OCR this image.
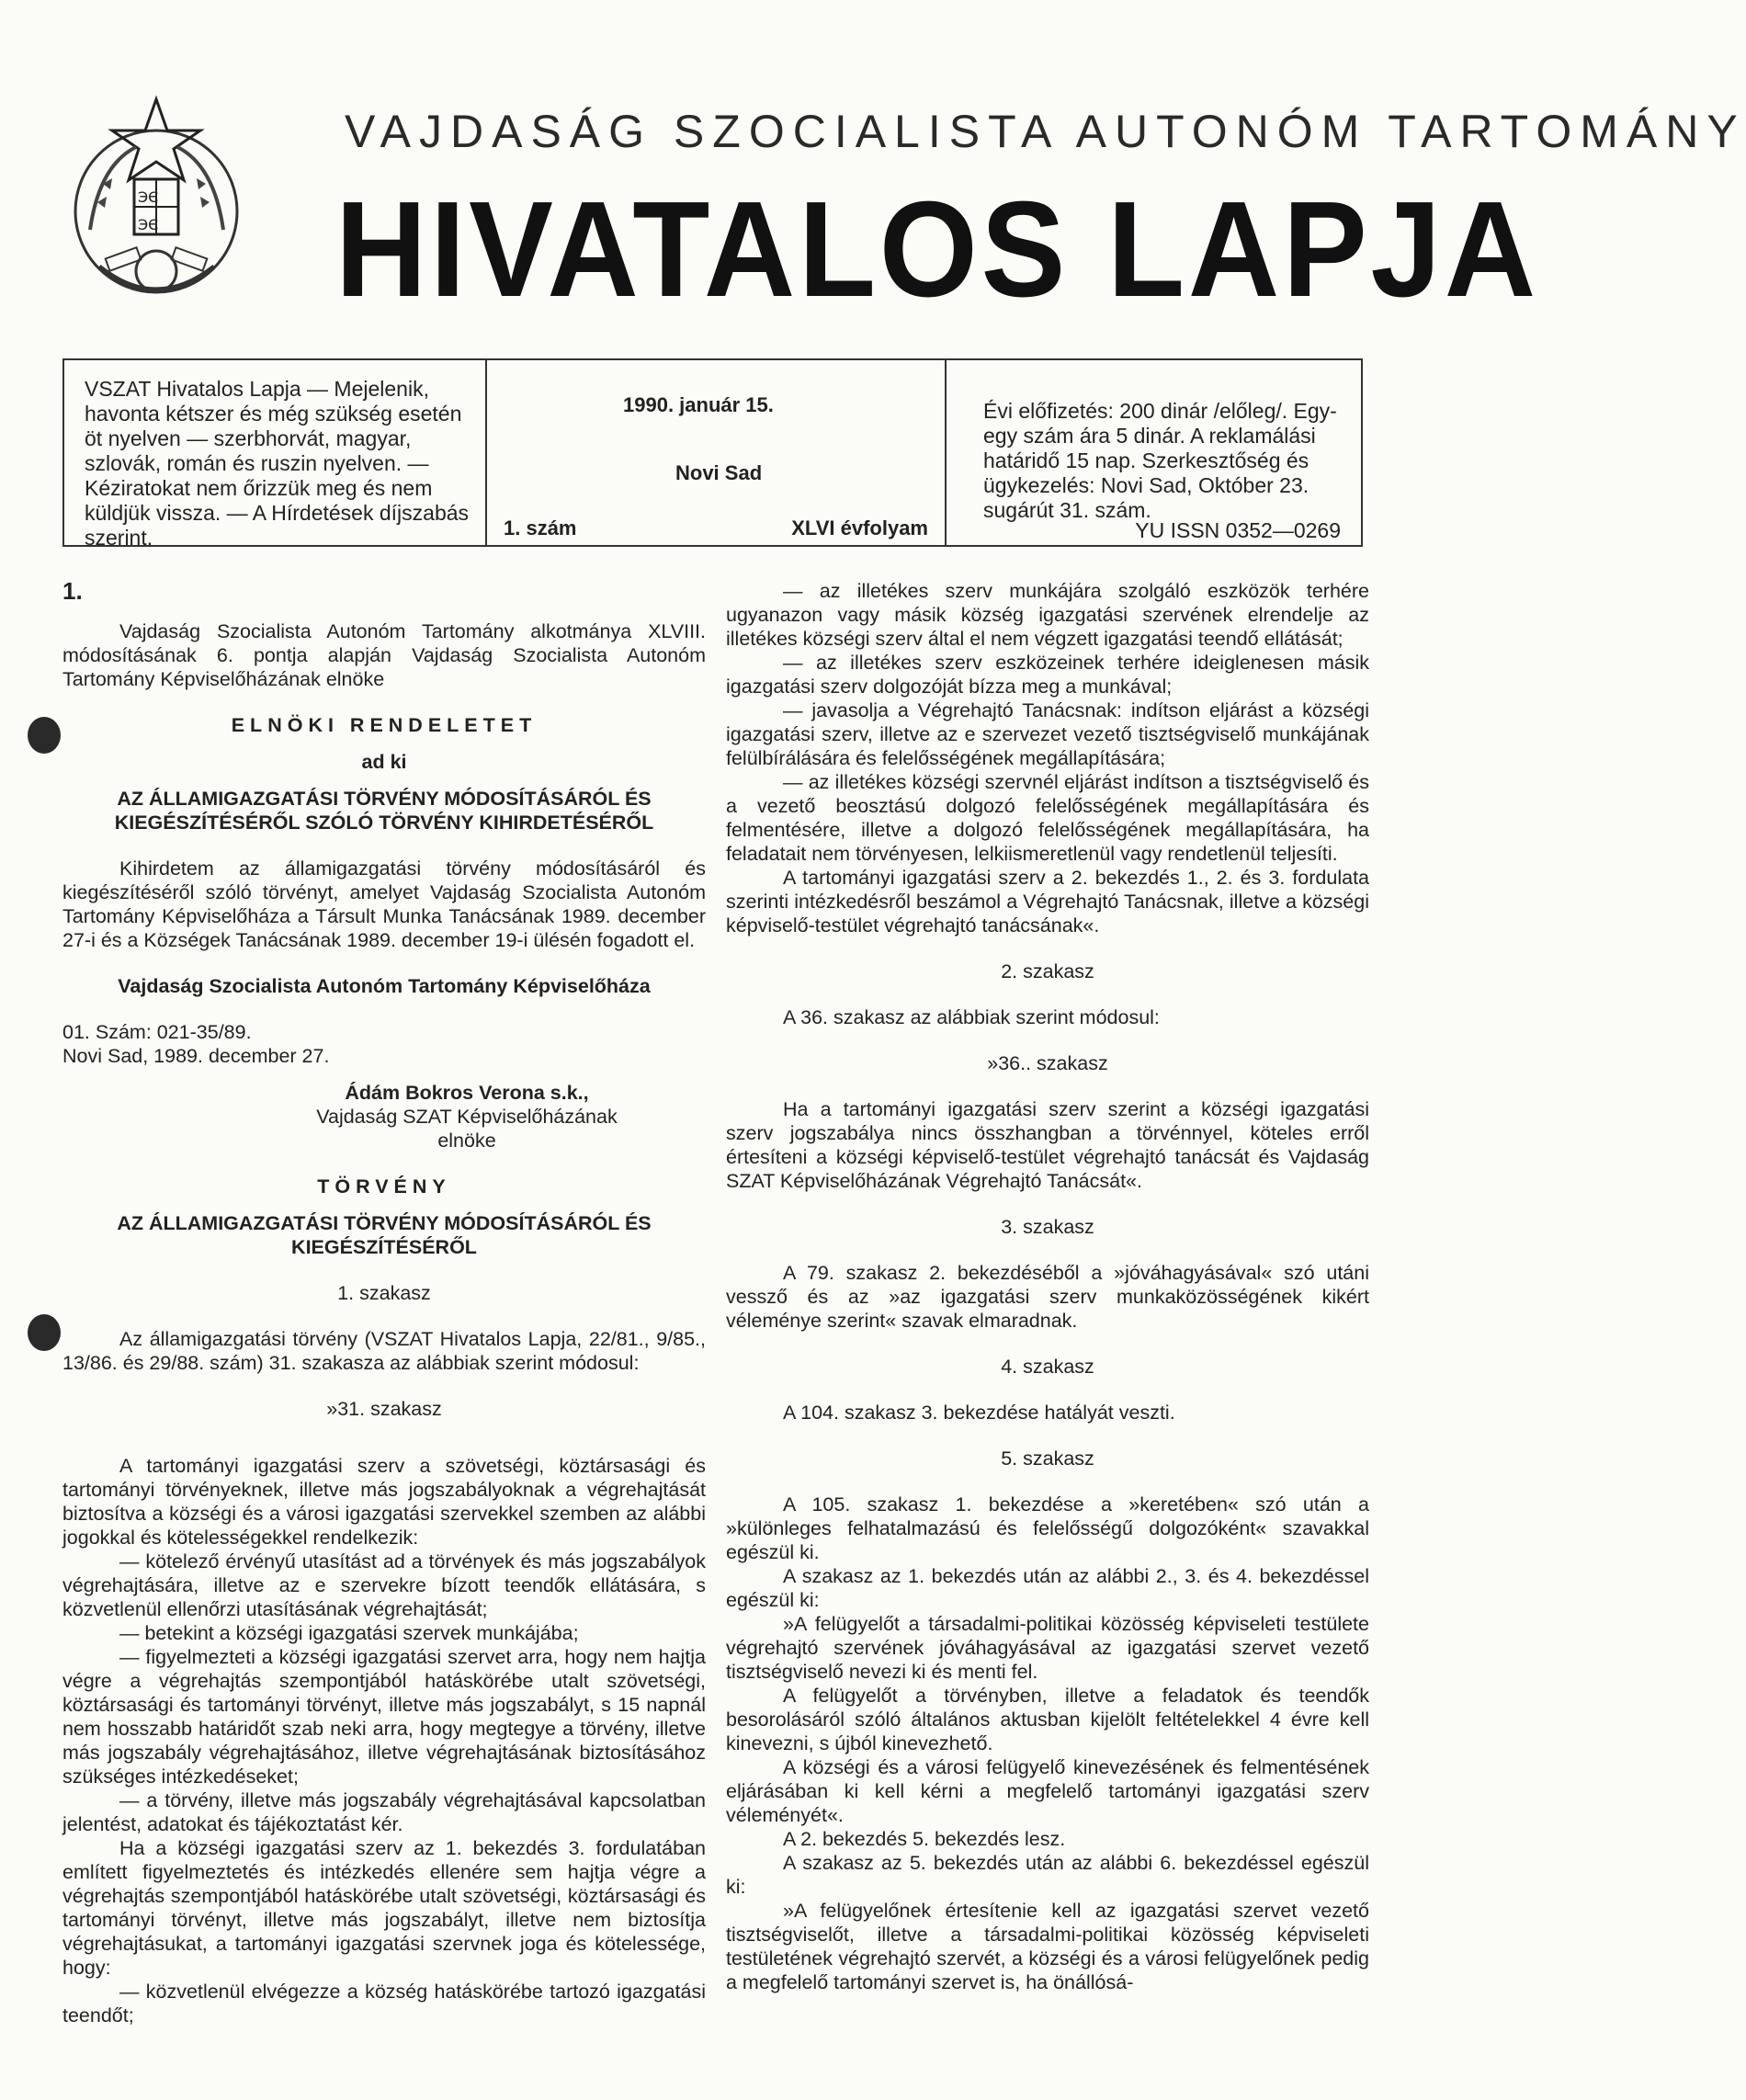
ЭЄ
ЭЄ
VAJDASÁG SZOCIALISTA AUTONÓM TARTOMÁNY
HIVATALOS LAPJA
VSZAT Hivatalos Lapja — Mejelenik, havonta kétszer és még szükség esetén öt nyelven — szerbhorvát, magyar, szlovák, román és ruszin nyelven. — Kéziratokat nem őrizzük meg és nem küldjük vissza. — A Hírdetések díjszabás szerint.
1990. január 15.
Novi Sad
1. szám	XLVI évfolyam
Évi előfizetés: 200 dinár /előleg/. Egy-egy szám ára 5 dinár. A reklamálási határidő 15 nap. Szerkesztőség és ügykezelés: Novi Sad, Október 23. sugárút 31. szám.
YU ISSN 0352—0269
1.

Vajdaság Szocialista Autonóm Tartomány alkotmánya XLVIII. módosításának 6. pontja alapján Vajdaság Szocialista Autonóm Tartomány Képviselőházának elnöke

ELNÖKI RENDELETET

ad ki

AZ ÁLLAMIGAZGATÁSI TÖRVÉNY MÓDOSÍTÁSÁRÓL ÉS KIEGÉSZÍTÉSÉRŐL SZÓLÓ TÖRVÉNY KIHIRDETÉSÉRŐL

Kihirdetem az államigazgatási törvény módosításáról és kiegészítéséről szóló törvényt, amelyet Vajdaság Szocialista Autonóm Tartomány Képviselőháza a Társult Munka Tanácsának 1989. december 27-i és a Községek Tanácsának 1989. december 19-i ülésén fogadott el.

Vajdaság Szocialista Autonóm Tartomány Képviselőháza

01. Szám: 021-35/89.

Novi Sad, 1989. december 27.

Ádám Bokros Verona s.k.,
Vajdaság SZAT Képviselőházának
elnöke

TÖRVÉNY

AZ ÁLLAMIGAZGATÁSI TÖRVÉNY MÓDOSÍTÁSÁRÓL ÉS KIEGÉSZÍTÉSÉRŐL

1. szakasz

Az államigazgatási törvény (VSZAT Hivatalos Lapja, 22/81., 9/85., 13/86. és 29/88. szám) 31. szakasza az alábbiak szerint módosul:

»31. szakasz

A tartományi igazgatási szerv a szövetségi, köztársasági és tartományi törvényeknek, illetve más jogszabályoknak a végrehajtását biztosítva a községi és a városi igazgatási szervekkel szemben az alábbi jogokkal és kötelességekkel rendelkezik:

— kötelező érvényű utasítást ad a törvények és más jogszabályok végrehajtására, illetve az e szervekre bízott teendők ellátására, s közvetlenül ellenőrzi utasításának végrehajtását;

— betekint a községi igazgatási szervek munkájába;

— figyelmezteti a községi igazgatási szervet arra, hogy nem hajtja végre a végrehajtás szempontjából hatáskörébe utalt szövetségi, köztársasági és tartományi törvényt, illetve más jogszabályt, s 15 napnál nem hosszabb határidőt szab neki arra, hogy megtegye a törvény, illetve más jogszabály végrehajtásához, illetve végrehajtásának biztosításához szükséges intézkedéseket;

— a törvény, illetve más jogszabály végrehajtásával kapcsolatban jelentést, adatokat és tájékoztatást kér.

Ha a községi igazgatási szerv az 1. bekezdés 3. fordulatában említett figyelmeztetés és intézkedés ellenére sem hajtja végre a végrehajtás szempontjából hatáskörébe utalt szövetségi, köztársasági és tartományi törvényt, illetve más jogszabályt, illetve nem biztosítja végrehajtásukat, a tartományi igazgatási szervnek joga és kötelessége, hogy:

— közvetlenül elvégezze a község hatáskörébe tartozó igazgatási teendőt;

— az illetékes szerv munkájára szolgáló eszközök terhére ugyanazon vagy másik község igazgatási szervének elrendelje az illetékes községi szerv által el nem végzett igazgatási teendő ellátását;

— az illetékes szerv eszközeinek terhére ideiglenesen másik igazgatási szerv dolgozóját bízza meg a munkával;

— javasolja a Végrehajtó Tanácsnak: indítson eljárást a községi igazgatási szerv, illetve az e szervezet vezető tisztségviselő munkájának felülbírálására és felelősségének megállapítására;

— az illetékes községi szervnél eljárást indítson a tisztségviselő és a vezető beosztású dolgozó felelősségének megállapítására és felmentésére, illetve a dolgozó felelősségének megállapítására, ha feladatait nem törvényesen, lelkiismeretlenül vagy rendetlenül teljesíti.

A tartományi igazgatási szerv a 2. bekezdés 1., 2. és 3. fordulata szerinti intézkedésről beszámol a Végrehajtó Tanácsnak, illetve a községi képviselő-testület végrehajtó tanácsának«.

2. szakasz

A 36. szakasz az alábbiak szerint módosul:

»36.. szakasz

Ha a tartományi igazgatási szerv szerint a községi igazgatási szerv jogszabálya nincs összhangban a törvénnyel, köteles erről értesíteni a községi képviselő-testület végrehajtó tanácsát és Vajdaság SZAT Képviselőházának Végrehajtó Tanácsát«.

3. szakasz

A 79. szakasz 2. bekezdéséből a »jóváhagyásával« szó utáni vessző és az »az igazgatási szerv munkaközösségének kikért véleménye szerint« szavak elmaradnak.

4. szakasz

A 104. szakasz 3. bekezdése hatályát veszti.

5. szakasz

A 105. szakasz 1. bekezdése a »keretében« szó után a »különleges felhatalmazású és felelősségű dolgozóként« szavakkal egészül ki.

A szakasz az 1. bekezdés után az alábbi 2., 3. és 4. bekezdéssel egészül ki:

»A felügyelőt a társadalmi-politikai közösség képviseleti testülete végrehajtó szervének jóváhagyásával az igazgatási szervet vezető tisztségviselő nevezi ki és menti fel.

A felügyelőt a törvényben, illetve a feladatok és teendők besorolásáról szóló általános aktusban kijelölt feltételekkel 4 évre kell kinevezni, s újból kinevezhető.

A községi és a városi felügyelő kinevezésének és felmentésének eljárásában ki kell kérni a megfelelő tartományi igazgatási szerv véleményét«.

A 2. bekezdés 5. bekezdés lesz.

A szakasz az 5. bekezdés után az alábbi 6. bekezdéssel egészül ki:

»A felügyelőnek értesítenie kell az igazgatási szervet vezető tisztségviselőt, illetve a társadalmi-politikai közösség képviseleti testületének végrehajtó szervét, a községi és a városi felügyelőnek pedig a megfelelő tartományi szervet is, ha önállósá-
